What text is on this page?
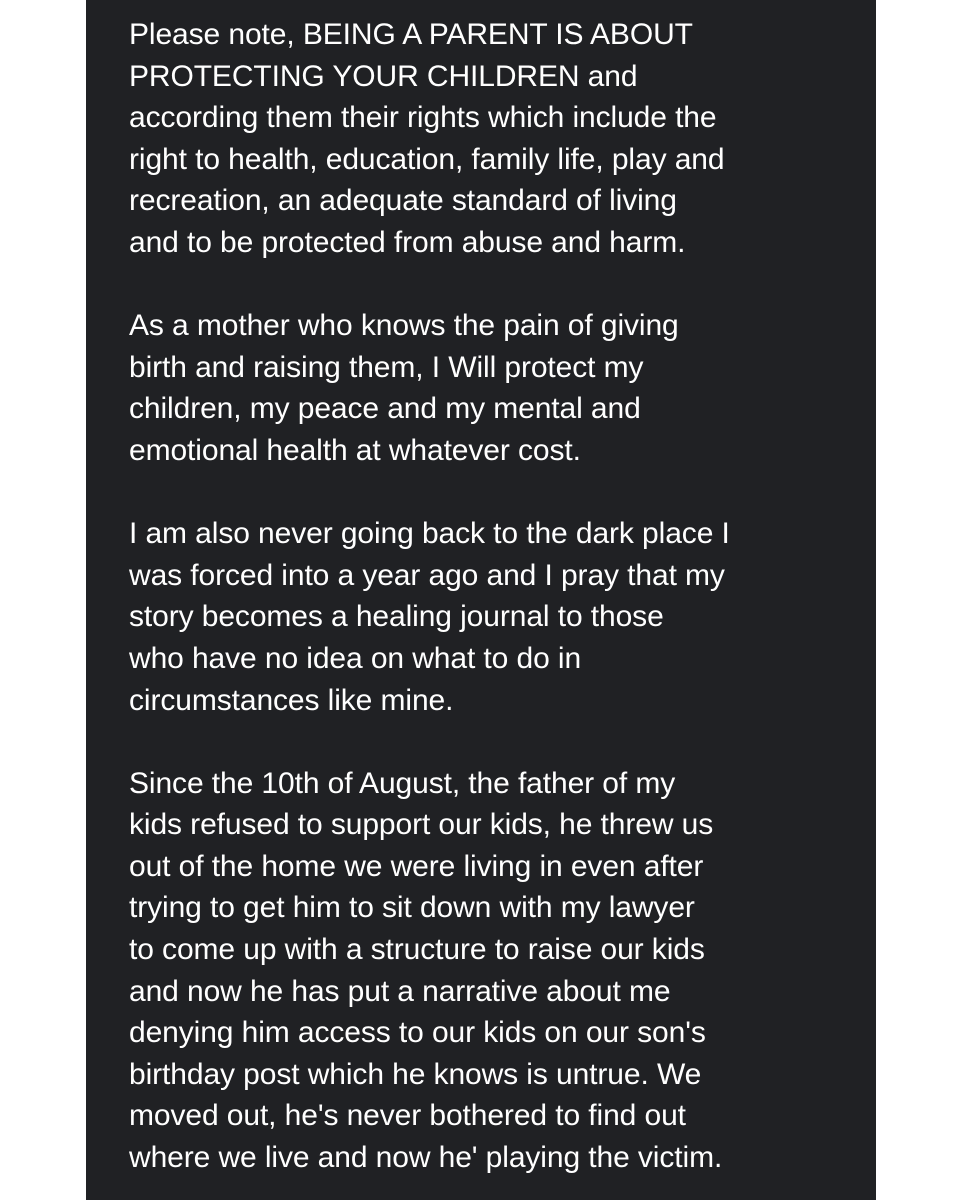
Please note, BEING A PARENT IS ABOUT
PROTECTING YOUR CHILDREN and
according them their rights which include the
right to health, education, family life, play and
recreation, an adequate standard of living
and to be protected from abuse and harm.

As a mother who knows the pain of giving
birth and raising them, I Will protect my
children, my peace and my mental and
emotional health at whatever cost.

I am also never going back to the dark place I
was forced into a year ago and I pray that my
story becomes a healing journal to those
who have no idea on what to do in
circumstances like mine.

Since the 10th of August, the father of my
kids refused to support our kids, he threw us
out of the home we were living in even after
trying to get him to sit down with my lawyer
to come up with a structure to raise our kids
and now he has put a narrative about me
denying him access to our kids on our son's
birthday post which he knows is untrue. We
moved out, he's never bothered to find out
where we live and now he' playing the victim.
